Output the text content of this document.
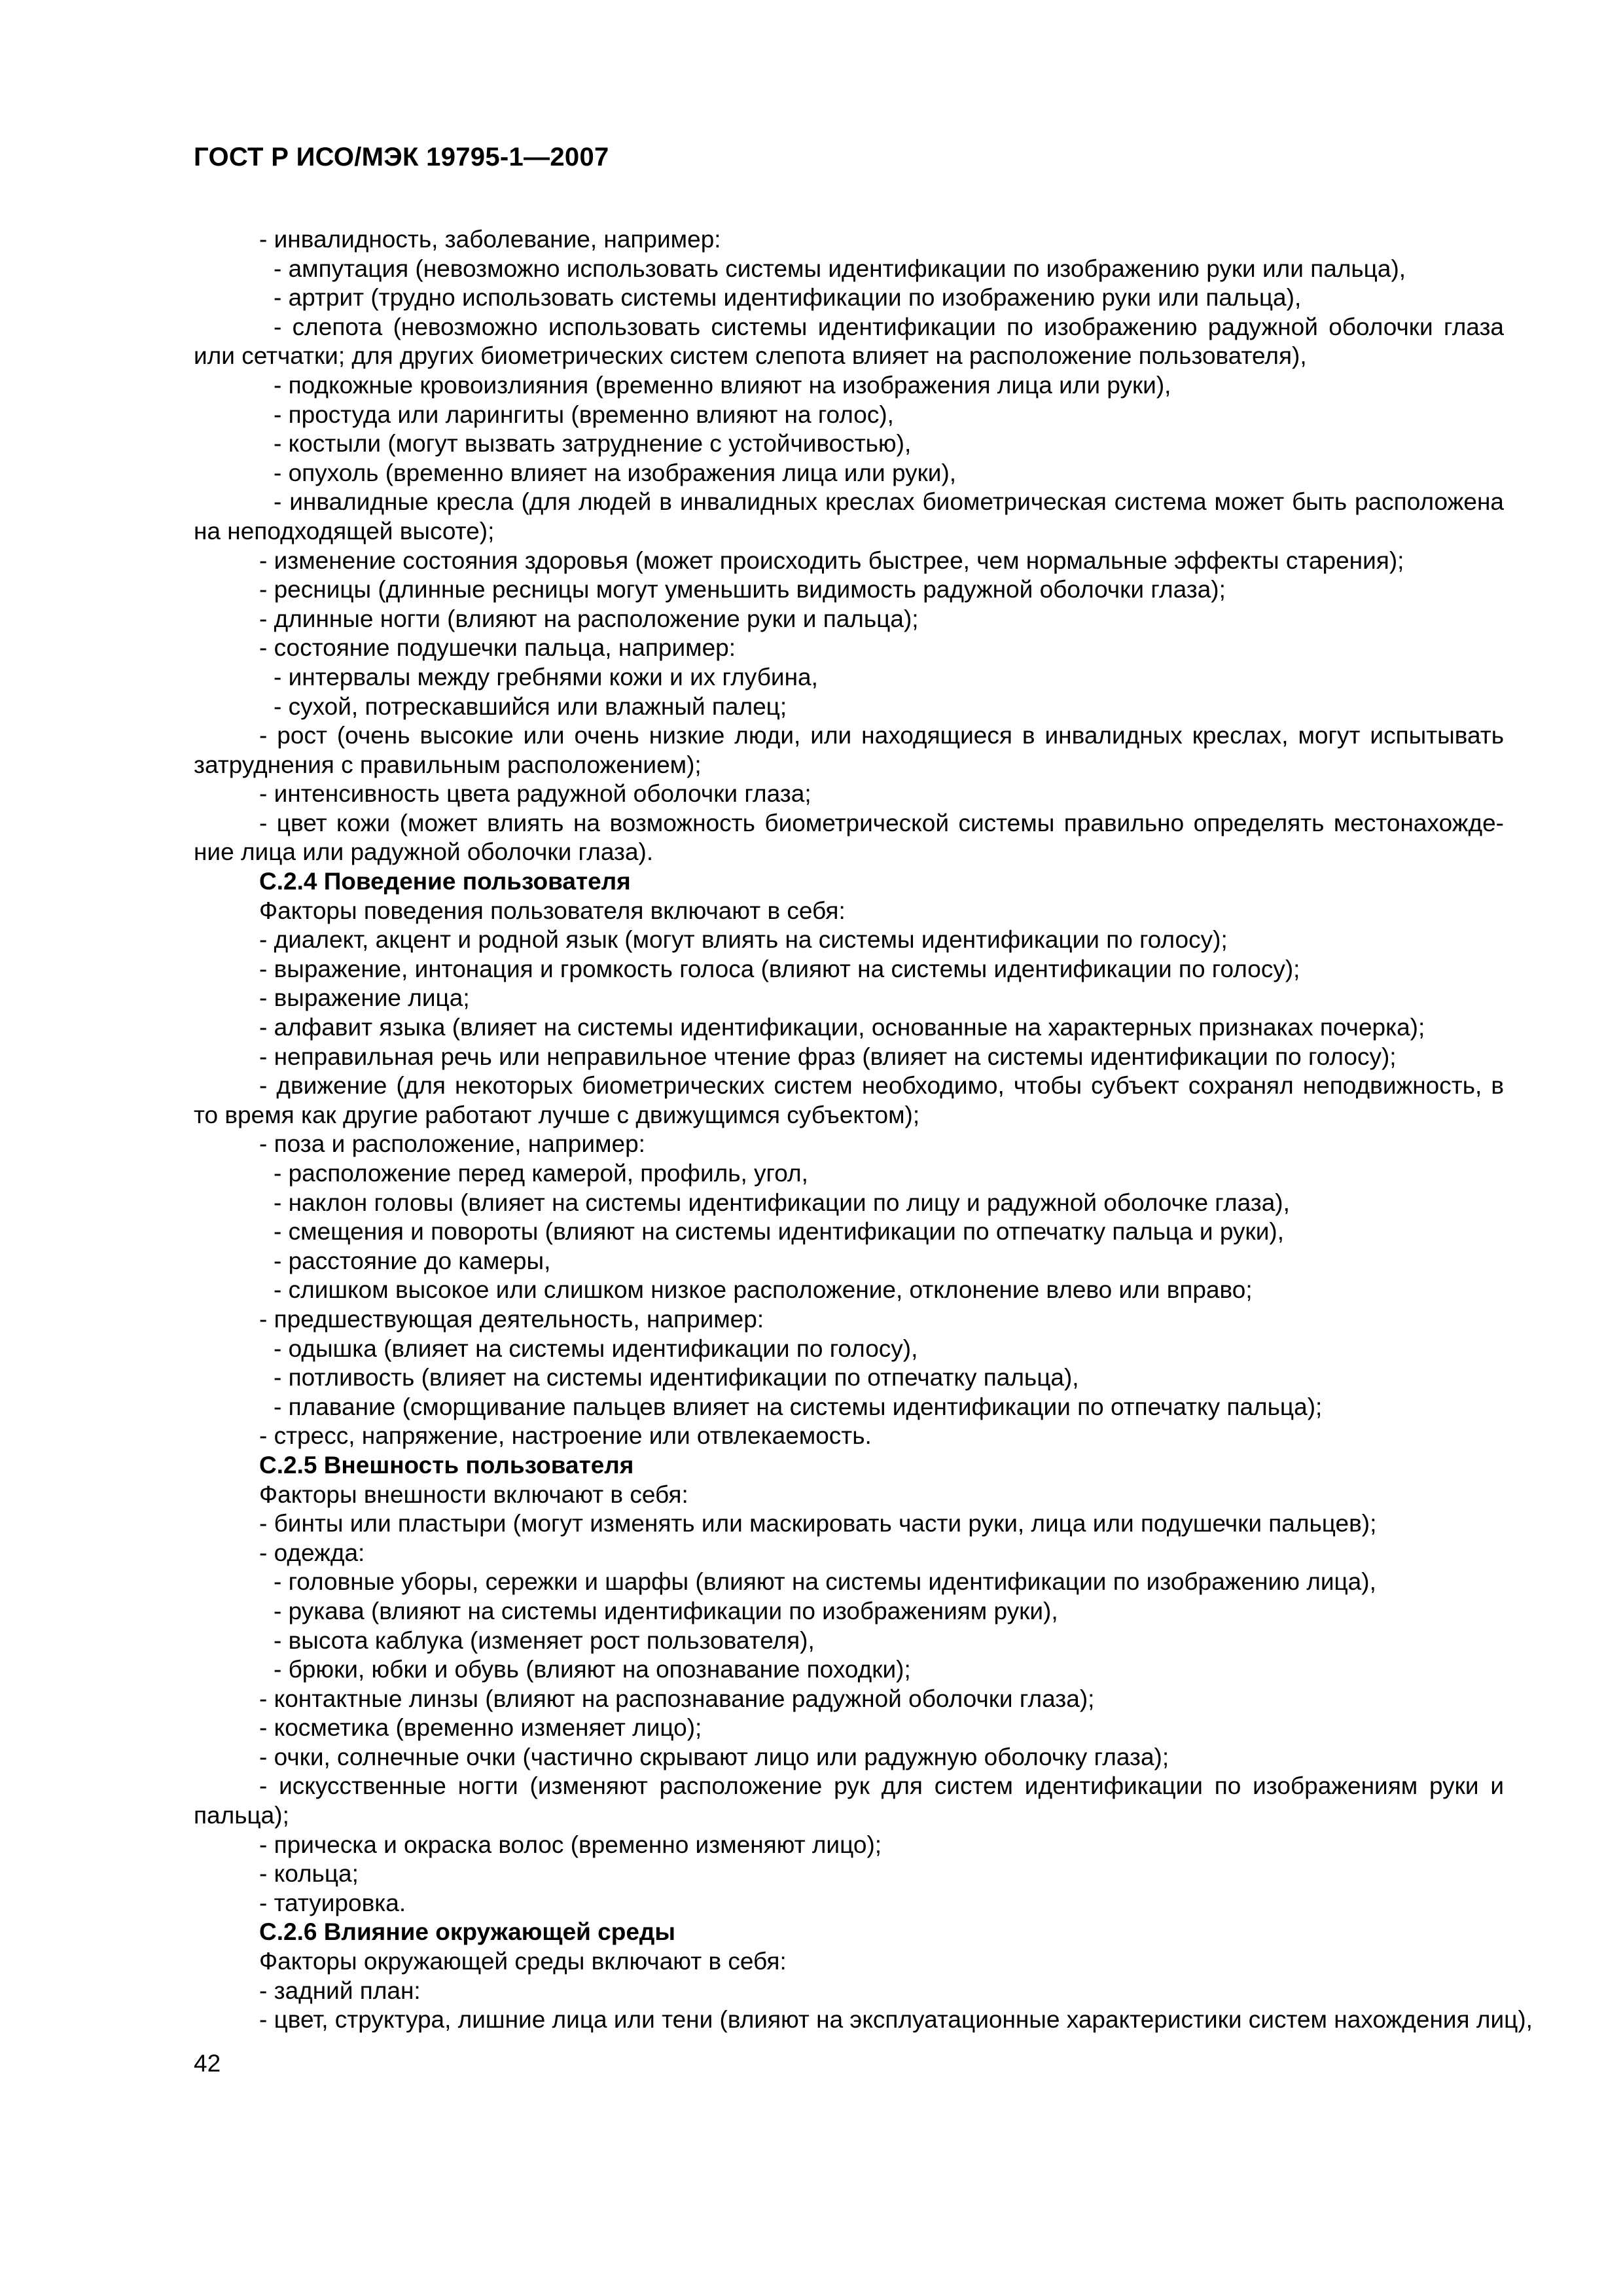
ГОСТ Р ИСО/МЭК 19795-1—2007
- инвалидность, заболевание, например:
- ампутация (невозможно использовать системы идентификации по изображению руки или пальца),
- артрит (трудно использовать системы идентификации по изображению руки или пальца),
- слепота (невозможно использовать системы идентификации по изображению радужной оболочки глаза
или сетчатки; для других биометрических систем слепота влияет на расположение пользователя),
- подкожные кровоизлияния (временно влияют на изображения лица или руки),
- простуда или ларингиты (временно влияют на голос),
- костыли (могут вызвать затруднение с устойчивостью),
- опухоль (временно влияет на изображения лица или руки),
- инвалидные кресла (для людей в инвалидных креслах биометрическая система может быть расположена
на неподходящей высоте);
- изменение состояния здоровья (может происходить быстрее, чем нормальные эффекты старения);
- ресницы (длинные ресницы могут уменьшить видимость радужной оболочки глаза);
- длинные ногти (влияют на расположение руки и пальца);
- состояние подушечки пальца, например:
- интервалы между гребнями кожи и их глубина,
- сухой, потрескавшийся или влажный палец;
- рост (очень высокие или очень низкие люди, или находящиеся в инвалидных креслах, могут испытывать
затруднения с правильным расположением);
- интенсивность цвета радужной оболочки глаза;
- цвет кожи (может влиять на возможность биометрической системы правильно определять местонахожде-
ние лица или радужной оболочки глаза).
С.2.4 Поведение пользователя
Факторы поведения пользователя включают в себя:
- диалект, акцент и родной язык (могут влиять на системы идентификации по голосу);
- выражение, интонация и громкость голоса (влияют на системы идентификации по голосу);
- выражение лица;
- алфавит языка (влияет на системы идентификации, основанные на характерных признаках почерка);
- неправильная речь или неправильное чтение фраз (влияет на системы идентификации по голосу);
- движение (для некоторых биометрических систем необходимо, чтобы субъект сохранял неподвижность, в
то время как другие работают лучше с движущимся субъектом);
- поза и расположение, например:
- расположение перед камерой, профиль, угол,
- наклон головы (влияет на системы идентификации по лицу и радужной оболочке глаза),
- смещения и повороты (влияют на системы идентификации по отпечатку пальца и руки),
- расстояние до камеры,
- слишком высокое или слишком низкое расположение, отклонение влево или вправо;
- предшествующая деятельность, например:
- одышка (влияет на системы идентификации по голосу),
- потливость (влияет на системы идентификации по отпечатку пальца),
- плавание (сморщивание пальцев влияет на системы идентификации по отпечатку пальца);
- стресс, напряжение, настроение или отвлекаемость.
С.2.5 Внешность пользователя
Факторы внешности включают в себя:
- бинты или пластыри (могут изменять или маскировать части руки, лица или подушечки пальцев);
- одежда:
- головные уборы, сережки и шарфы (влияют на системы идентификации по изображению лица),
- рукава (влияют на системы идентификации по изображениям руки),
- высота каблука (изменяет рост пользователя),
- брюки, юбки и обувь (влияют на опознавание походки);
- контактные линзы (влияют на распознавание радужной оболочки глаза);
- косметика (временно изменяет лицо);
- очки, солнечные очки (частично скрывают лицо или радужную оболочку глаза);
- искусственные ногти (изменяют расположение рук для систем идентификации по изображениям руки и
пальца);
- прическа и окраска волос (временно изменяют лицо);
- кольца;
- татуировка.
С.2.6 Влияние окружающей среды
Факторы окружающей среды включают в себя:
- задний план:
- цвет, структура, лишние лица или тени (влияют на эксплуатационные характеристики систем нахождения лиц),
42
